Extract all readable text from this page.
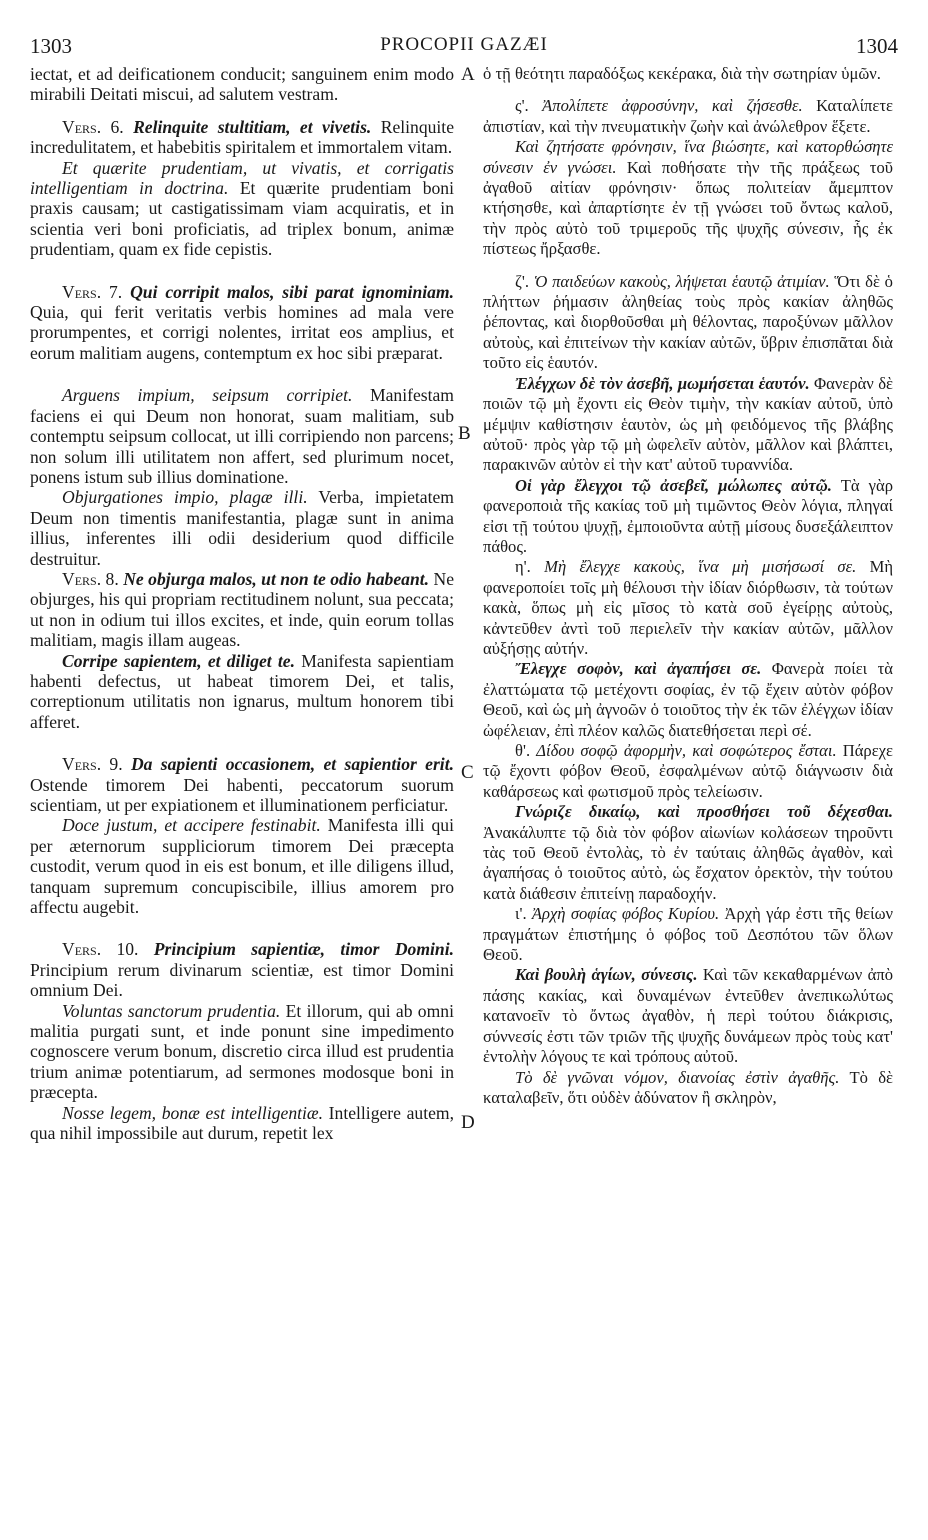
1303	PROCOPII GAZÆI	1304

iectat, et ad deificationem conducit; sanguinem enim modo mirabili Deitati miscui, ad salutem vestram.

Vers. 6. Relinquite stultitiam, et vivetis. Relinquite incredulitatem, et habebitis spiritalem et immortalem vitam.

Et quærite prudentiam, ut vivatis, et corrigatis intelligentiam in doctrina. Et quærite prudentiam boni praxis causam; ut castigatissimam viam acquiratis, et in scientia veri boni proficiatis, ad triplex bonum, animæ prudentiam, quam ex fide cepistis.

Vers. 7. Qui corripit malos, sibi parat ignominiam. Quia, qui ferit veritatis verbis homines ad mala vere prorumpentes, et corrigi nolentes, irritat eos amplius, et eorum malitiam augens, contemptum ex hoc sibi præparat.

Arguens impium, seipsum corripiet. Manifestam faciens ei qui Deum non honorat, suam malitiam, sub contemptu seipsum collocat, ut illi corripiendo non parcens; non solum illi utilitatem non affert, sed plurimum nocet, ponens istum sub illius dominatione.

Objurgationes impio, plagæ illi. Verba, impietatem Deum non timentis manifestantia, plagæ sunt in anima illius, inferentes illi odii desiderium quod difficile destruitur.

Vers. 8. Ne objurga malos, ut non te odio habeant. Ne objurges, his qui propriam rectitudinem nolunt, sua peccata; ut non in odium tui illos excites, et inde, quin eorum tollas malitiam, magis illam augeas.

Corripe sapientem, et diliget te. Manifesta sapientiam habenti defectus, ut habeat timorem Dei, et talis, correptionum utilitatis non ignarus, multum honorem tibi afferet.

Vers. 9. Da sapienti occasionem, et sapientior erit. Ostende timorem Dei habenti, peccatorum suorum scientiam, ut per expiationem et illuminationem perficiatur.

Doce justum, et accipere festinabit. Manifesta illi qui per æternorum suppliciorum timorem Dei præcepta custodit, verum quod in eis est bonum, et ille diligens illud, tanquam supremum concupiscibile, illius amorem pro affectu augebit.

Vers. 10. Principium sapientiæ, timor Domini. Principium rerum divinarum scientiæ, est timor Domini omnium Dei.

Voluntas sanctorum prudentia. Et illorum, qui ab omni malitia purgati sunt, et inde ponunt sine impedimento cognoscere verum bonum, discretio circa illud est prudentia trium animæ potentiarum, ad sermones modosque boni in præcepta.

Nosse legem, bonæ est intelligentiæ. Intelligere autem, qua nihil impossibile aut durum, repetit lex

A
B
C
D

ὁ τῇ θεότητι παραδόξως κεκέρακα, διὰ τὴν σωτηρίαν ὑμῶν.

ς'. Ἀπολίπετε ἀφροσύνην, καὶ ζήσεσθε. Καταλίπετε ἀπιστίαν, καὶ τὴν πνευματικὴν ζωὴν καὶ ἀνώλεθρον ἕξετε.

Καὶ ζητήσατε φρόνησιν, ἵνα βιώσητε, καὶ κατορθώσητε σύνεσιν ἐν γνώσει. Καὶ ποθήσατε τὴν τῆς πράξεως τοῦ ἀγαθοῦ αἰτίαν φρόνησιν· ὅπως πολιτείαν ἄμεμπτον κτήσησθε, καὶ ἀπαρτίσητε ἐν τῇ γνώσει τοῦ ὄντως καλοῦ, τὴν πρὸς αὐτὸ τοῦ τριμεροῦς τῆς ψυχῆς σύνεσιν, ἧς ἐκ πίστεως ἤρξασθε.

ζ'. Ὁ παιδεύων κακοὺς, λήψεται ἑαυτῷ ἀτιμίαν. Ὅτι δὲ ὁ πλήττων ῥήμασιν ἀληθείας τοὺς πρὸς κακίαν ἀληθῶς ῥέποντας, καὶ διορθοῦσθαι μὴ θέλοντας, παροξύνων μᾶλλον αὐτοὺς, καὶ ἐπιτείνων τὴν κακίαν αὐτῶν, ὕβριν ἐπισπᾶται διὰ τοῦτο εἰς ἑαυτόν.

Ἐλέγχων δὲ τὸν ἀσεβῆ, μωμήσεται ἑαυτόν. Φανερὰν δὲ ποιῶν τῷ μὴ ἔχοντι εἰς Θεὸν τιμὴν, τὴν κακίαν αὐτοῦ, ὑπὸ μέμψιν καθίστησιν ἑαυτὸν, ὡς μὴ φειδόμενος τῆς βλάβης αὐτοῦ· πρὸς γὰρ τῷ μὴ ὠφελεῖν αὐτὸν, μᾶλλον καὶ βλάπτει, παρακινῶν αὐτὸν εἰ τὴν κατ' αὐτοῦ τυραννίδα.

Οἱ γὰρ ἔλεγχοι τῷ ἀσεβεῖ, μώλωπες αὐτῷ. Τὰ γὰρ φανεροποιὰ τῆς κακίας τοῦ μὴ τιμῶντος Θεὸν λόγια, πληγαί εἰσι τῇ τούτου ψυχῇ, ἐμποιοῦντα αὐτῇ μίσους δυσεξάλειπτον πάθος.

η'. Μὴ ἔλεγχε κακοὺς, ἵνα μὴ μισήσωσί σε. Μὴ φανεροποίει τοῖς μὴ θέλουσι τὴν ἰδίαν διόρθωσιν, τὰ τούτων κακὰ, ὅπως μὴ εἰς μῖσος τὸ κατὰ σοῦ ἐγείρῃς αὐτοὺς, κἀντεῦθεν ἀντὶ τοῦ περιελεῖν τὴν κακίαν αὐτῶν, μᾶλλον αὐξήσῃς αὐτήν.

Ἔλεγχε σοφὸν, καὶ ἀγαπήσει σε. Φανερὰ ποίει τὰ ἐλαττώματα τῷ μετέχοντι σοφίας, ἐν τῷ ἔχειν αὐτὸν φόβον Θεοῦ, καὶ ὡς μὴ ἀγνοῶν ὁ τοιοῦτος τὴν ἐκ τῶν ἐλέγχων ἰδίαν ὠφέλειαν, ἐπὶ πλέον καλῶς διατεθήσεται περὶ σέ.

θ'. Δίδου σοφῷ ἀφορμὴν, καὶ σοφώτερος ἔσται. Πάρεχε τῷ ἔχοντι φόβον Θεοῦ, ἐσφαλμένων αὐτῷ διάγνωσιν διὰ καθάρσεως καὶ φωτισμοῦ πρὸς τελείωσιν.

Γνώριζε δικαίῳ, καὶ προσθήσει τοῦ δέχεσθαι. Ἀνακάλυπτε τῷ διὰ τὸν φόβον αἰωνίων κολάσεων τηροῦντι τὰς τοῦ Θεοῦ ἐντολὰς, τὸ ἐν ταύταις ἀληθῶς ἀγαθὸν, καὶ ἀγαπήσας ὁ τοιοῦτος αὐτὸ, ὡς ἔσχατον ὀρεκτὸν, τὴν τούτου κατὰ διάθεσιν ἐπιτείνῃ παραδοχήν.

ι'. Ἀρχὴ σοφίας φόβος Κυρίου. Ἀρχὴ γάρ ἐστι τῆς θείων πραγμάτων ἐπιστήμης ὁ φόβος τοῦ Δεσπότου τῶν ὅλων Θεοῦ.

Καὶ βουλὴ ἁγίων, σύνεσις. Καὶ τῶν κεκαθαρμένων ἀπὸ πάσης κακίας, καὶ δυναμένων ἐντεῦθεν ἀνεπικωλύτως κατανοεῖν τὸ ὄντως ἀγαθὸν, ἡ περὶ τούτου διάκρισις, σύννεσίς ἐστι τῶν τριῶν τῆς ψυχῆς δυνάμεων πρὸς τοὺς κατ' ἐντολὴν λόγους τε καὶ τρόπους αὐτοῦ.

Τὸ δὲ γνῶναι νόμον, διανοίας ἐστὶν ἀγαθῆς. Τὸ δὲ καταλαβεῖν, ὅτι οὐδὲν ἀδύνατον ἢ σκληρὸν,
